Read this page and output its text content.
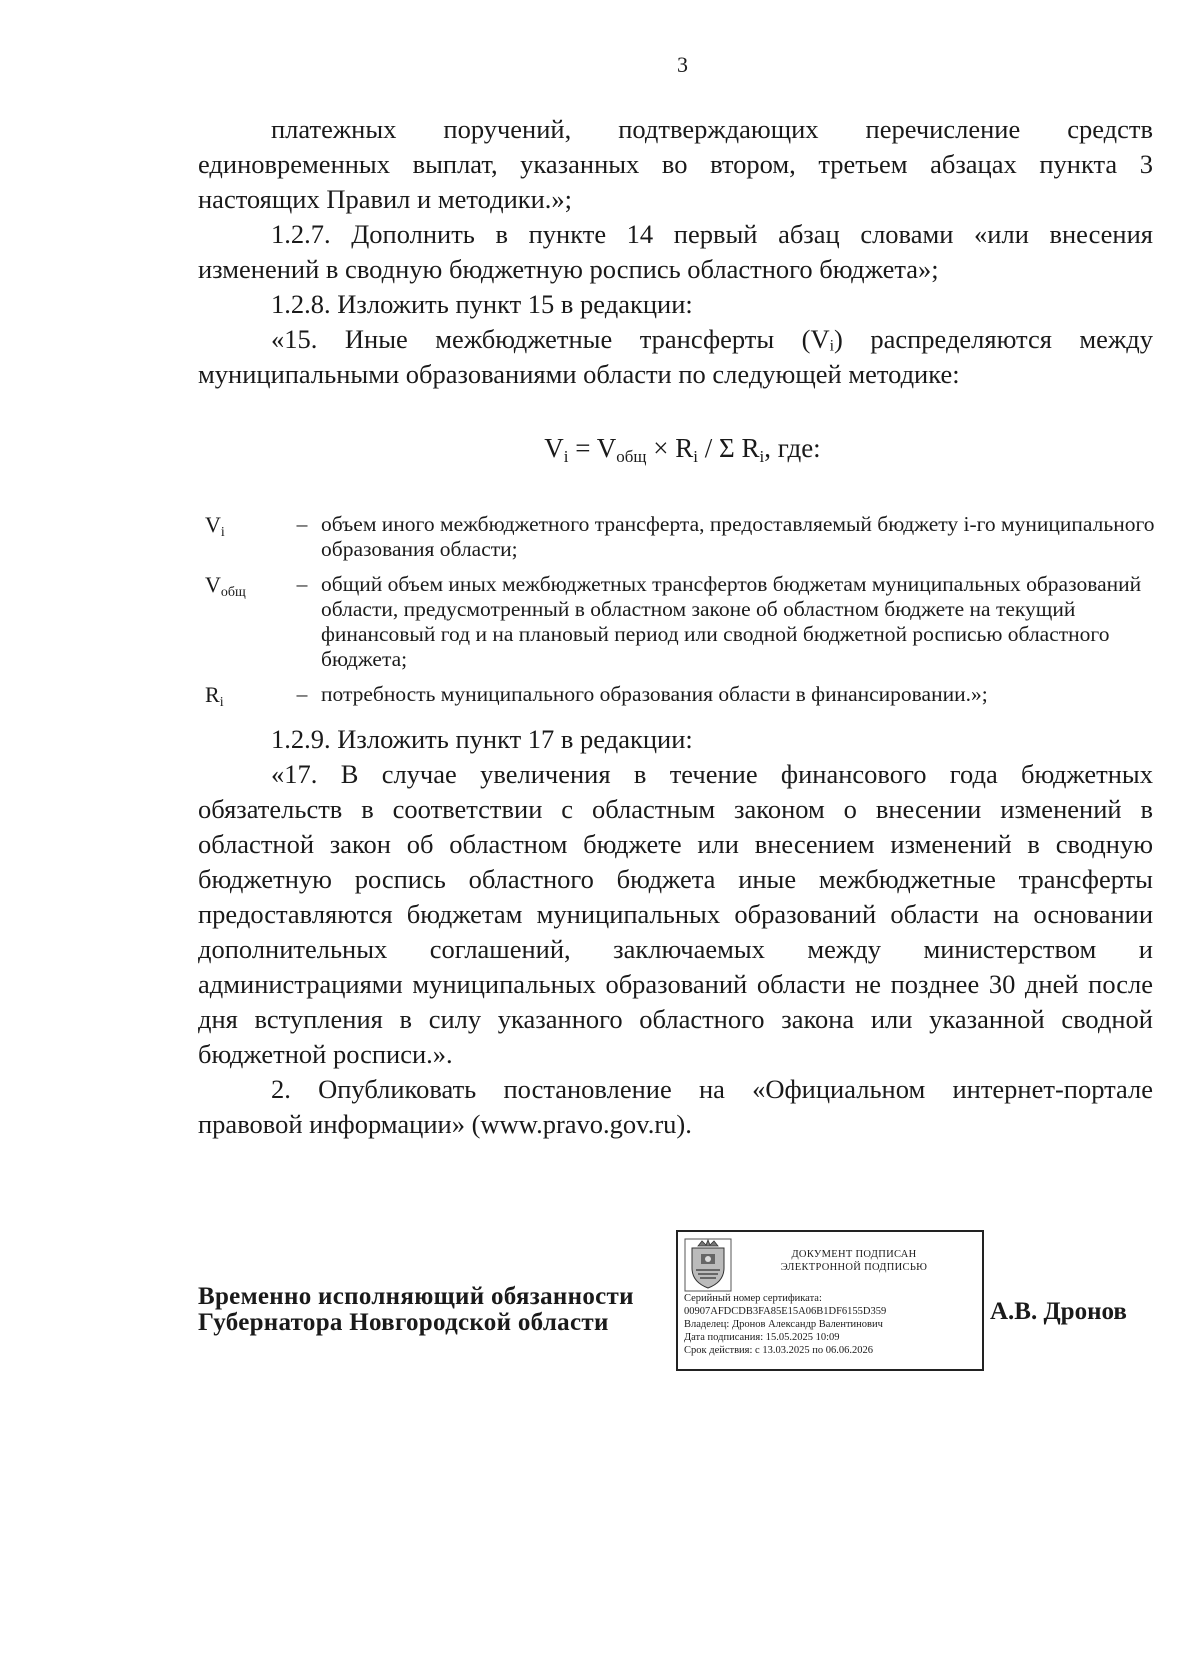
3

платежных поручений, подтверждающих перечисление средств единовременных выплат, указанных во втором, третьем абзацах пункта 3 настоящих Правил и методики.»;

1.2.7. Дополнить в пункте 14 первый абзац словами «или внесения изменений в сводную бюджетную роспись областного бюджета»;

1.2.8. Изложить пункт 15 в редакции:

«15. Иные межбюджетные трансферты (Vᵢ) распределяются между муниципальными образованиями области по следующей методике:

$V_i = V_{общ} \times R_i / \Sigma$ $R_i$, где:
$V_i$	– объем иного межбюджетного трансферта, предоставляемый бюджету i-го муниципального образования области;
$V_{общ}$	– общий объем иных межбюджетных трансфертов бюджетам муниципальных образований области, предусмотренный в областном законе об областном бюджете на текущий финансовый год и на плановый период или сводной бюджетной росписью областного бюджета;
$R_i$	– потребность муниципального образования области в финансировании.»;

1.2.9. Изложить пункт 17 в редакции:

«17. В случае увеличения в течение финансового года бюджетных обязательств в соответствии с областным законом о внесении изменений в областной закон об областном бюджете или внесением изменений в сводную бюджетную роспись областного бюджета иные межбюджетные трансферты предоставляются бюджетам муниципальных образований области на основании дополнительных соглашений, заключаемых между министерством и администрациями муниципальных образований области не позднее 30 дней после дня вступления в силу указанного областного закона или указанной сводной бюджетной росписи.».

2. Опубликовать постановление на «Официальном интернет-портале правовой информации» (www.pravo.gov.ru).

Временно исполняющий обязанности
Губернатора Новгородской области
ДОКУМЕНТ ПОДПИСАН
ЭЛЕКТРОННОЙ ПОДПИСЬЮ
Серийный номер сертификата:
00907AFDCDB3FA85E15A06B1DF6155D359
Владелец: Дронов Александр Валентинович
Дата подписания: 15.05.2025 10:09
Срок действия: с 13.03.2025 по 06.06.2026
А.В. Дронов
